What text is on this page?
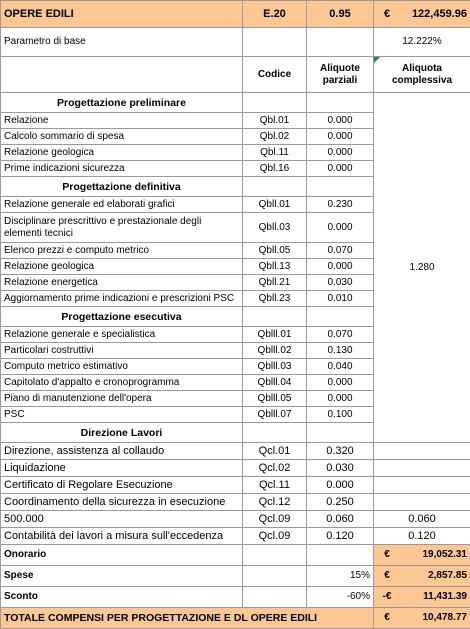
OPERE EDILI	E.20	0.95	€ 122,459.96

Parametro di base			12.222%
	Codice	Aliquote parziali	Aliquota complessiva
Progettazione preliminare			1.280
Relazione	Qbl.01	0.000	
Calcolo sommario di spesa	Qbl.02	0.000	
Relazione geologica	Qbl.11	0.000	
Prime indicazioni sicurezza	Qbl.16	0.000	
Progettazione definitiva			
Relazione generale ed elaborati grafici	Qbll.01	0.230	
Disciplinare prescrittivo e prestazionale degli elementi tecnici	Qbll.03	0.000	
Elenco prezzi e computo metrico	Qbll.05	0.070	
Relazione geologica	Qbll.13	0.000	
Relazione energetica	Qbll.21	0.030	
Aggiornamento prime indicazioni e prescrizioni PSC	Qbll.23	0.010	
Progettazione esecutiva			
Relazione generale e specialistica	Qblll.01	0.070	
Particolari costruttivi	Qblll.02	0.130	
Computo metrico estimativo	Qblll.03	0.040	
Capitolato d'appalto e cronoprogramma	Qblll.04	0.000	
Piano di manutenzione dell'opera	Qblll.05	0.000	
PSC	Qblll.07	0.100	
Direzione Lavori			
Direzione, assistenza al collaudo	Qcl.01	0.320	
Liquidazione	Qcl.02	0.030	
Certificato di Regolare Esecuzione	Qcl.11	0.000	
Coordinamento della sicurezza in esecuzione	Qcl.12	0.250	
500.000	Qcl.09	0.060	0.060
Contabilità dei lavori a misura sull'eccedenza	Qcl.09	0.120	0.120
Onorario			€ 19,052.31

Spese		15%	€ 2,857.85

Sconto		-60%	-€ 11,431.39

TOTALE COMPENSI PER PROGETTAZIONE E DL OPERE EDILI			€ 10,478.77
